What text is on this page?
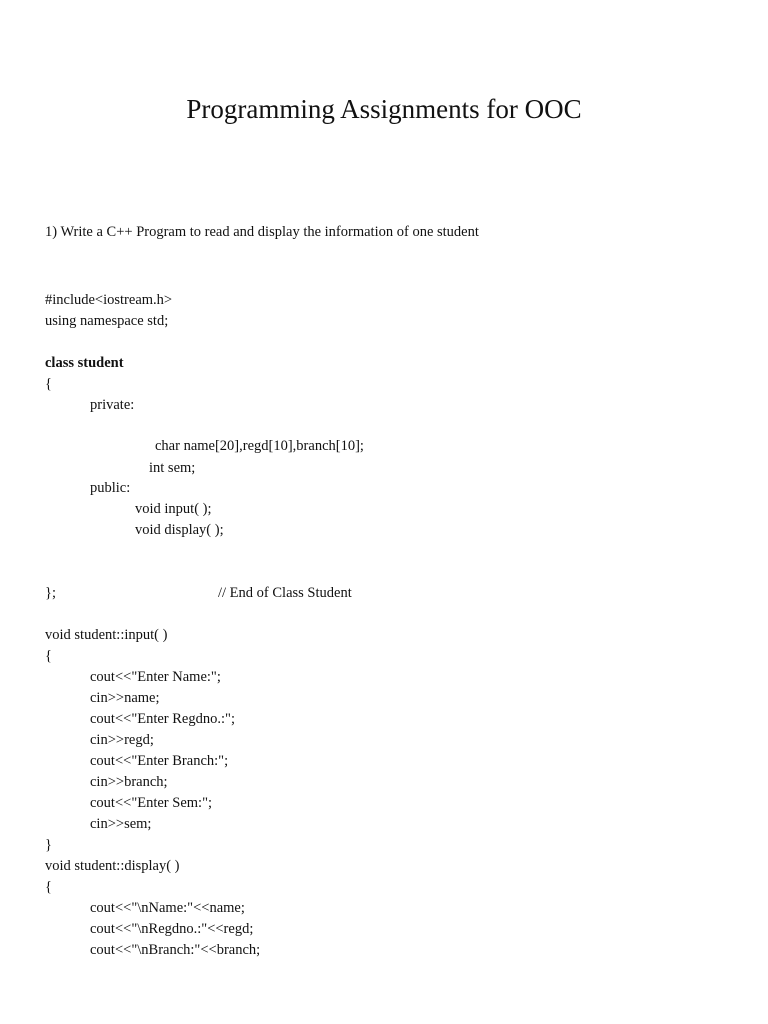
Programming Assignments for OOC

1) Write a C++ Program to read and display the information of one student

#include<iostream.h>
using namespace std;
class student
{
private:
char name[20],regd[10],branch[10];
int sem;
public:
void input( );
void display( );
};	// End of Class Student
void student::input( )
{
cout<<"Enter Name:";
cin>>name;
cout<<"Enter Regdno.:";
cin>>regd;
cout<<"Enter Branch:";
cin>>branch;
cout<<"Enter Sem:";
cin>>sem;
}
void student::display( )
{
cout<<"\nName:"<<name;
cout<<"\nRegdno.:"<<regd;
cout<<"\nBranch:"<<branch;
